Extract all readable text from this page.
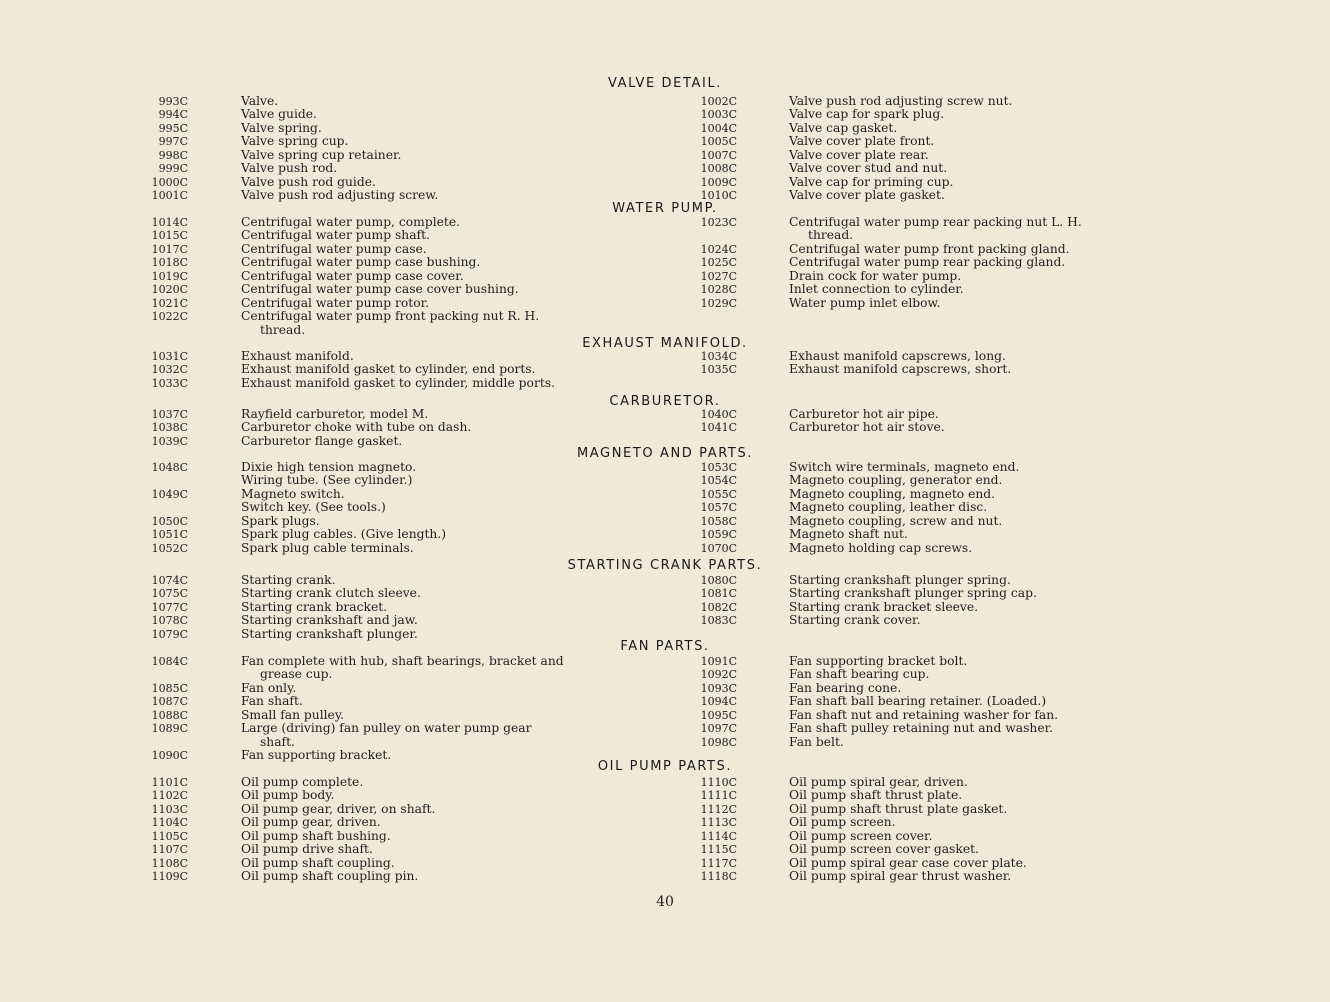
VALVE DETAIL.
993C
994C
995C
997C
998C
999C
1000C
1001C
Valve.
Valve guide.
Valve spring.
Valve spring cup.
Valve spring cup retainer.
Valve push rod.
Valve push rod guide.
Valve push rod adjusting screw.
1002C
1003C
1004C
1005C
1007C
1008C
1009C
1010C
Valve push rod adjusting screw nut.
Valve cap for spark plug.
Valve cap gasket.
Valve cover plate front.
Valve cover plate rear.
Valve cover stud and nut.
Valve cap for priming cup.
Valve cover plate gasket.
WATER PUMP.
1014C
1015C
1017C
1018C
1019C
1020C
1021C
1022C
Centrifugal water pump, complete.
Centrifugal water pump shaft.
Centrifugal water pump case.
Centrifugal water pump case bushing.
Centrifugal water pump case cover.
Centrifugal water pump case cover bushing.
Centrifugal water pump rotor.
Centrifugal water pump front packing nut R. H.
thread.
1023C
1024C
1025C
1027C
1028C
1029C
Centrifugal water pump rear packing nut L. H.
thread.
Centrifugal water pump front packing gland.
Centrifugal water pump rear packing gland.
Drain cock for water pump.
Inlet connection to cylinder.
Water pump inlet elbow.
EXHAUST MANIFOLD.
1031C
1032C
1033C
Exhaust manifold.
Exhaust manifold gasket to cylinder, end ports.
Exhaust manifold gasket to cylinder, middle ports.
1034C
1035C
Exhaust manifold capscrews, long.
Exhaust manifold capscrews, short.
CARBURETOR.
1037C
1038C
1039C
Rayfield carburetor, model M.
Carburetor choke with tube on dash.
Carburetor flange gasket.
1040C
1041C
Carburetor hot air pipe.
Carburetor hot air stove.
MAGNETO AND PARTS.
1048C
1049C
1050C
1051C
1052C
Dixie high tension magneto.
Wiring tube. (See cylinder.)
Magneto switch.
Switch key. (See tools.)
Spark plugs.
Spark plug cables. (Give length.)
Spark plug cable terminals.
1053C
1054C
1055C
1057C
1058C
1059C
1070C
Switch wire terminals, magneto end.
Magneto coupling, generator end.
Magneto coupling, magneto end.
Magneto coupling, leather disc.
Magneto coupling, screw and nut.
Magneto shaft nut.
Magneto holding cap screws.
STARTING CRANK PARTS.
1074C
1075C
1077C
1078C
1079C
Starting crank.
Starting crank clutch sleeve.
Starting crank bracket.
Starting crankshaft and jaw.
Starting crankshaft plunger.
1080C
1081C
1082C
1083C
Starting crankshaft plunger spring.
Starting crankshaft plunger spring cap.
Starting crank bracket sleeve.
Starting crank cover.
FAN PARTS.
1084C
1085C
1087C
1088C
1089C
1090C
Fan complete with hub, shaft bearings, bracket and
grease cup.
Fan only.
Fan shaft.
Small fan pulley.
Large (driving) fan pulley on water pump gear
shaft.
Fan supporting bracket.
1091C
1092C
1093C
1094C
1095C
1097C
1098C
Fan supporting bracket bolt.
Fan shaft bearing cup.
Fan bearing cone.
Fan shaft ball bearing retainer. (Loaded.)
Fan shaft nut and retaining washer for fan.
Fan shaft pulley retaining nut and washer.
Fan belt.
OIL PUMP PARTS.
1101C
1102C
1103C
1104C
1105C
1107C
1108C
1109C
Oil pump complete.
Oil pump body.
Oil pump gear, driver, on shaft.
Oil pump gear, driven.
Oil pump shaft bushing.
Oil pump drive shaft.
Oil pump shaft coupling.
Oil pump shaft coupling pin.
1110C
1111C
1112C
1113C
1114C
1115C
1117C
1118C
Oil pump spiral gear, driven.
Oil pump shaft thrust plate.
Oil pump shaft thrust plate gasket.
Oil pump screen.
Oil pump screen cover.
Oil pump screen cover gasket.
Oil pump spiral gear case cover plate.
Oil pump spiral gear thrust washer.
40
